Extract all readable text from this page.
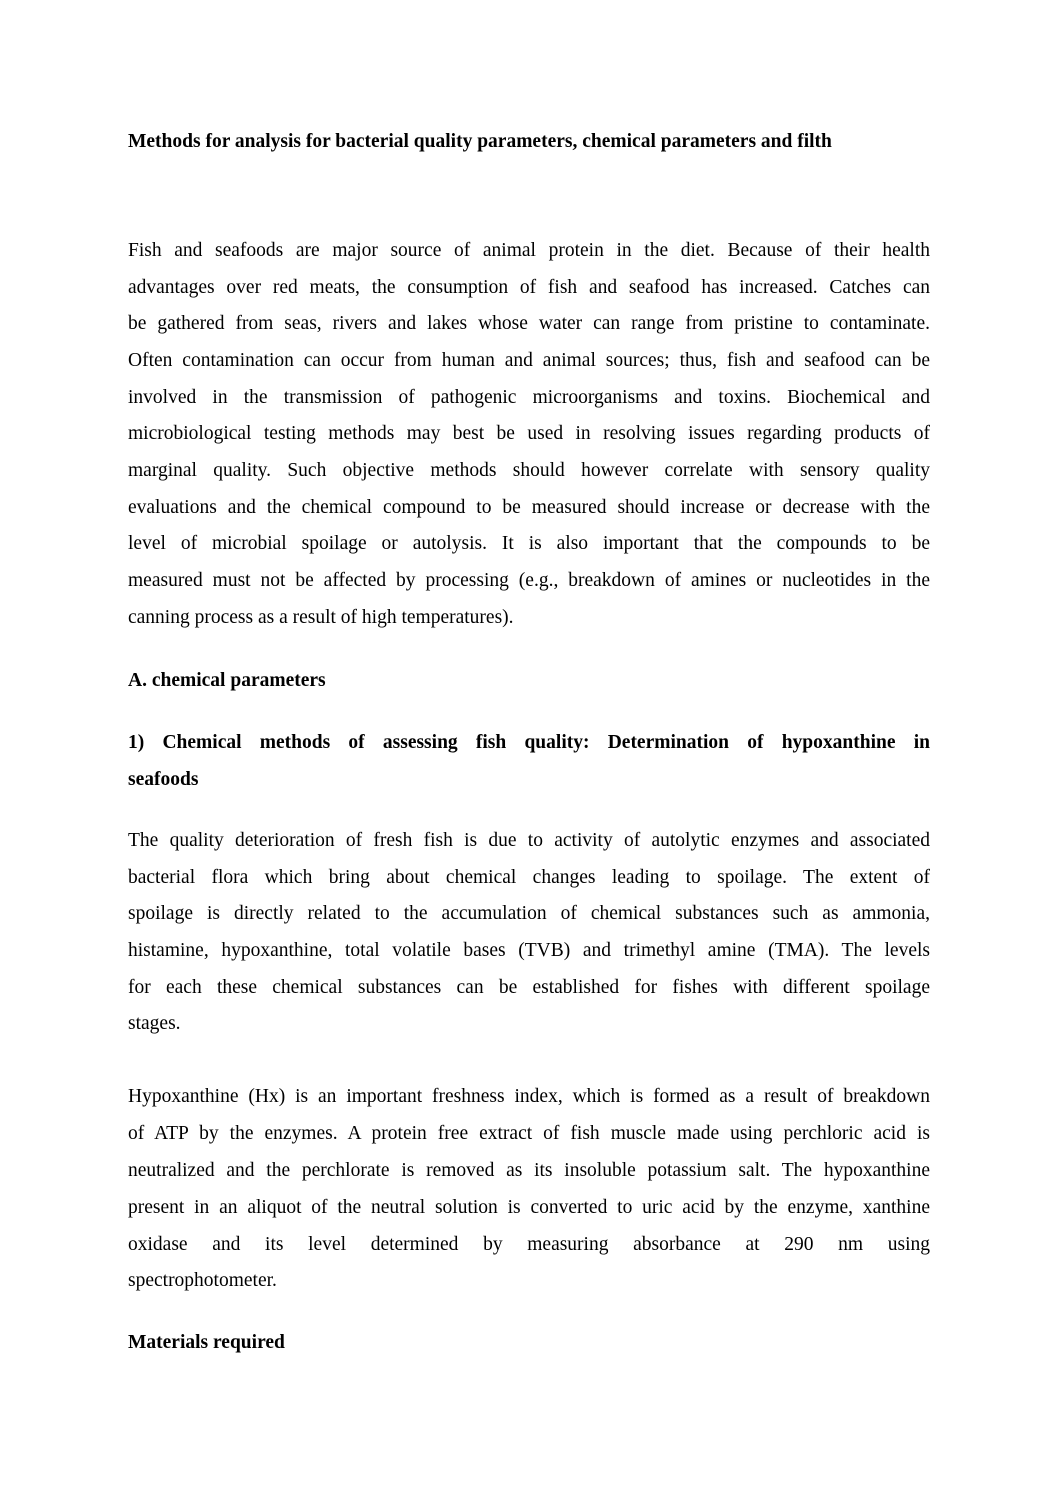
Methods for analysis for bacterial quality parameters, chemical parameters and filth
Fish and seafoods are major source of animal protein in the diet. Because of their health
advantages over red meats, the consumption of fish and seafood has increased. Catches can
be gathered from seas, rivers and lakes whose water can range from pristine to contaminate.
Often contamination can occur from human and animal sources; thus, fish and seafood can be
involved in the transmission of pathogenic microorganisms and toxins. Biochemical and
microbiological testing methods may best be used in resolving issues regarding products of
marginal quality. Such objective methods should however correlate with sensory quality
evaluations and the chemical compound to be measured should increase or decrease with the
level of microbial spoilage or autolysis. It is also important that the compounds to be
measured must not be affected by processing (e.g., breakdown of amines or nucleotides in the
canning process as a result of high temperatures).
A. chemical parameters
1) Chemical methods of assessing fish quality: Determination of hypoxanthine in
seafoods
The quality deterioration of fresh fish is due to activity of autolytic enzymes and associated
bacterial flora which bring about chemical changes leading to spoilage. The extent of
spoilage is directly related to the accumulation of chemical substances such as ammonia,
histamine, hypoxanthine, total volatile bases (TVB) and trimethyl amine (TMA). The levels
for each these chemical substances can be established for fishes with different spoilage
stages.
Hypoxanthine (Hx) is an important freshness index, which is formed as a result of breakdown
of ATP by the enzymes. A protein free extract of fish muscle made using perchloric acid is
neutralized and the perchlorate is removed as its insoluble potassium salt. The hypoxanthine
present in an aliquot of the neutral solution is converted to uric acid by the enzyme, xanthine
oxidase and its level determined by measuring absorbance at 290 nm using
spectrophotometer.
Materials required
